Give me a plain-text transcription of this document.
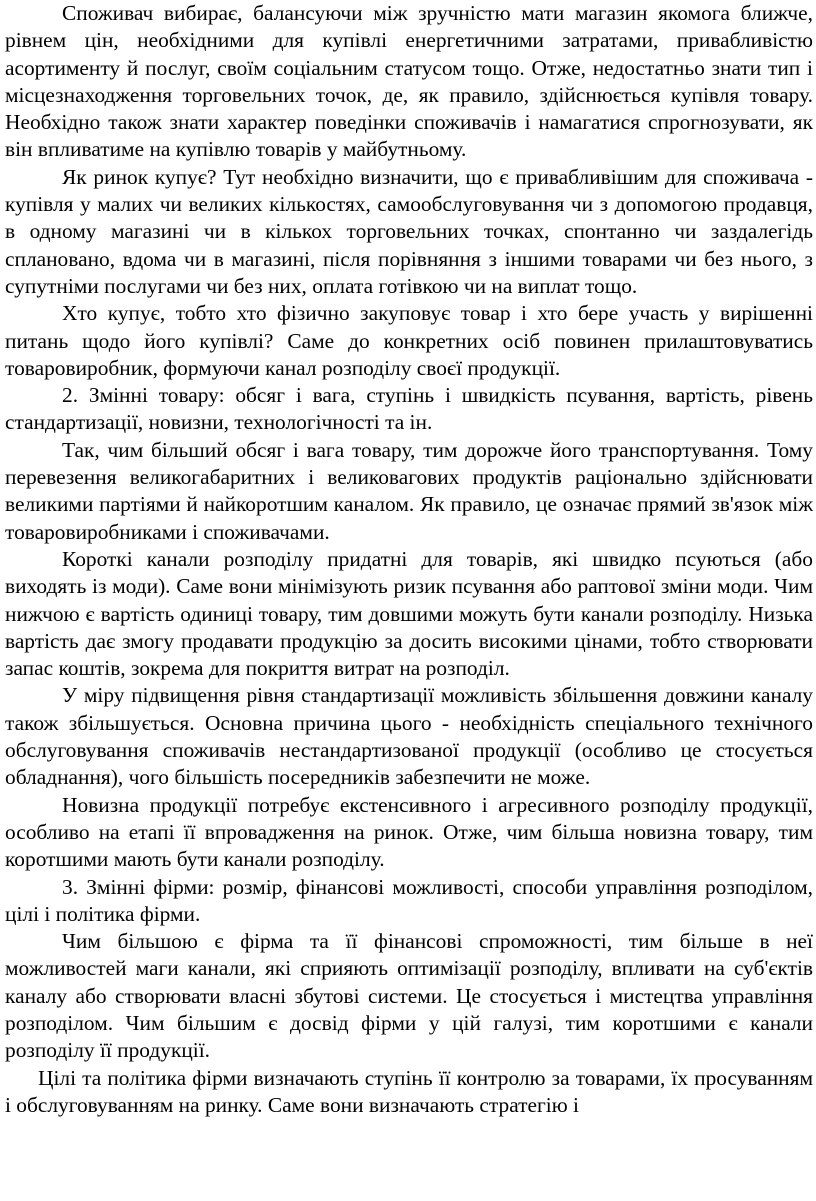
Споживач вибирає, балансуючи між зручністю мати магазин якомога ближче, рівнем цін, необхідними для купівлі енергетичними затратами, привабливістю асортименту й послуг, своїм соціальним статусом тощо. Отже, недостатньо знати тип і місцезнаходження торговельних точок, де, як правило, здійснюється купівля товару. Необхідно також знати характер поведінки споживачів і намагатися спрогнозувати, як він впливатиме на купівлю товарів у майбутньому.

Як ринок купує? Тут необхідно визначити, що є привабливішим для споживача - купівля у малих чи великих кількостях, самообслуговування чи з допомогою продавця, в одному магазині чи в кількох торговельних точках, спонтанно чи заздалегідь сплановано, вдома чи в магазині, після порівняння з іншими товарами чи без нього, з супутніми послугами чи без них, оплата готівкою чи на виплат тощо.

Хто купує, тобто хто фізично закуповує товар і хто бере участь у вирішенні питань щодо його купівлі? Саме до конкретних осіб повинен прилаштовуватись товаровиробник, формуючи канал розподілу своєї продукції.

2. Змінні товару: обсяг і вага, ступінь і швидкість псування, вартість, рівень стандартизації, новизни, технологічності та ін.

Так, чим більший обсяг і вага товару, тим дорожче його транспортування. Тому перевезення великогабаритних і великовагових продуктів раціонально здійснювати великими партіями й найкоротшим каналом. Як правило, це означає прямий зв'язок між товаровиробниками і споживачами.

Короткі канали розподілу придатні для товарів, які швидко псуються (або виходять із моди). Саме вони мінімізують ризик псування або раптової зміни моди. Чим нижчою є вартість одиниці товару, тим довшими можуть бути канали розподілу. Низька вартість дає змогу продавати продукцію за досить високими цінами, тобто створювати запас коштів, зокрема для покриття витрат на розподіл.

У міру підвищення рівня стандартизації можливість збільшення довжини каналу також збільшується. Основна причина цього - необхідність спеціального технічного обслуговування споживачів нестандартизованої продукції (особливо це стосується обладнання), чого більшість посередників забезпечити не може.

Новизна продукції потребує екстенсивного і агресивного розподілу продукції, особливо на етапі її впровадження на ринок. Отже, чим більша новизна товару, тим коротшими мають бути канали розподілу.

3. Змінні фірми: розмір, фінансові можливості, способи управління розподілом, цілі і політика фірми.

Чим більшою є фірма та її фінансові спроможності, тим більше в неї можливостей маги канали, які сприяють оптимізації розподілу, впливати на суб'єктів каналу або створювати власні збутові системи. Це стосується і мистецтва управління розподілом. Чим більшим є досвід фірми у цій галузі, тим коротшими є канали розподілу її продукції.

Цілі та політика фірми визначають ступінь її контролю за товарами, їх просуванням і обслуговуванням на ринку. Саме вони визначають стратегію і
